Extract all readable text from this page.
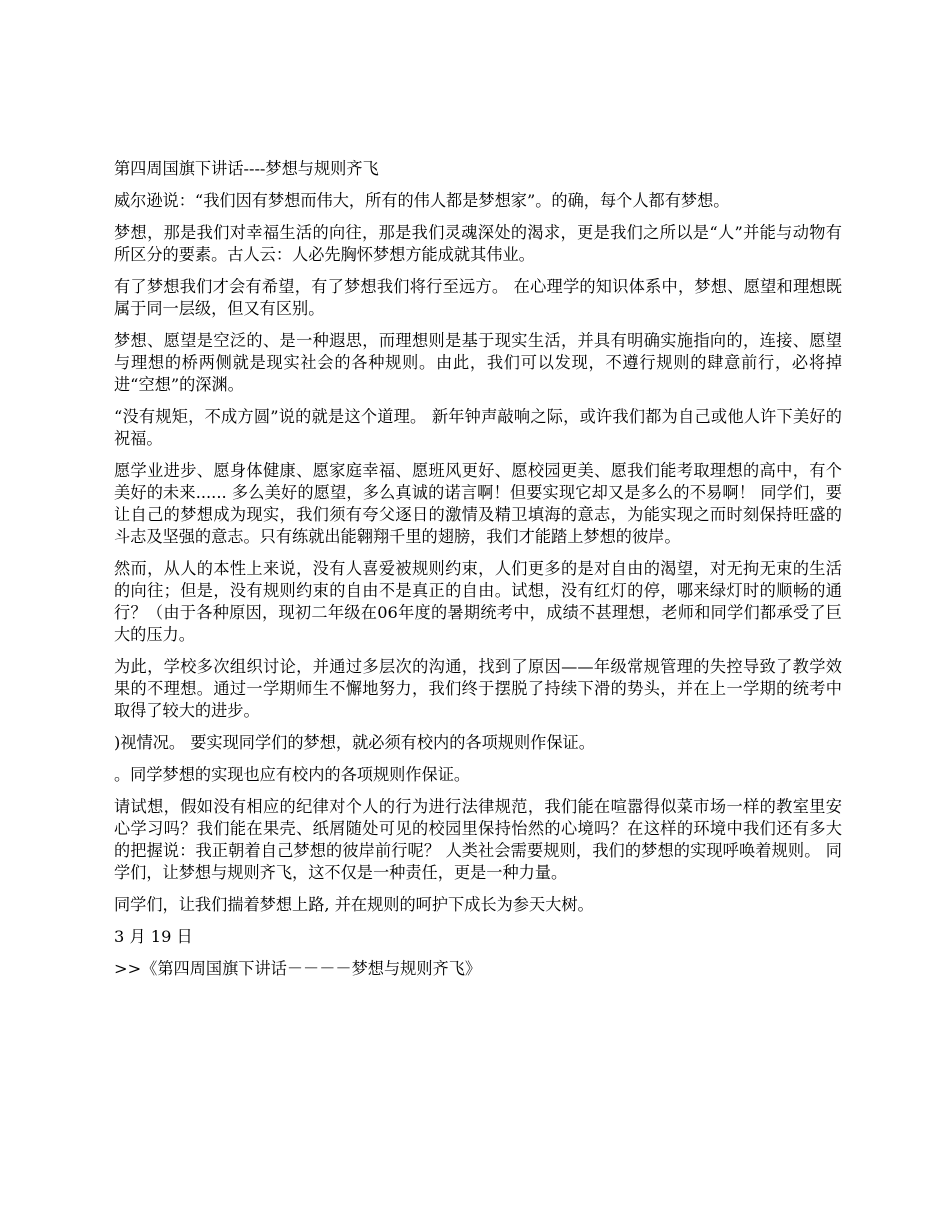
第四周国旗下讲话----梦想与规则齐飞

威尔逊说：“我们因有梦想而伟大，所有的伟人都是梦想家”。的确，每个人都有梦想。

梦想，那是我们对幸福生活的向往，那是我们灵魂深处的渴求，更是我们之所以是“人”并能与动物有所区分的要素。古人云：人必先胸怀梦想方能成就其伟业。

有了梦想我们才会有希望，有了梦想我们将行至远方。 在心理学的知识体系中，梦想、愿望和理想既属于同一层级，但又有区别。

梦想、愿望是空泛的、是一种遐思，而理想则是基于现实生活，并具有明确实施指向的，连接、愿望与理想的桥两侧就是现实社会的各种规则。由此，我们可以发现，不遵行规则的肆意前行，必将掉进“空想”的深渊。

“没有规矩，不成方圆”说的就是这个道理。 新年钟声敲响之际，或许我们都为自己或他人许下美好的祝福。

愿学业进步、愿身体健康、愿家庭幸福、愿班风更好、愿校园更美、愿我们能考取理想的高中，有个美好的未来...... 多么美好的愿望，多么真诚的诺言啊！但要实现它却又是多么的不易啊！ 同学们，要让自己的梦想成为现实，我们须有夸父逐日的激情及精卫填海的意志，为能实现之而时刻保持旺盛的斗志及坚强的意志。只有练就出能翱翔千里的翅膀，我们才能踏上梦想的彼岸。

然而，从人的本性上来说，没有人喜爱被规则约束，人们更多的是对自由的渴望，对无拘无束的生活的向往；但是，没有规则约束的自由不是真正的自由。试想，没有红灯的停，哪来绿灯时的顺畅的通行？（由于各种原因，现初二年级在06年度的暑期统考中，成绩不甚理想，老师和同学们都承受了巨大的压力。

为此，学校多次组织讨论，并通过多层次的沟通，找到了原因——年级常规管理的失控导致了教学效果的不理想。通过一学期师生不懈地努力，我们终于摆脱了持续下滑的势头，并在上一学期的统考中取得了较大的进步。

)视情况。 要实现同学们的梦想，就必须有校内的各项规则作保证。

。同学梦想的实现也应有校内的各项规则作保证。

请试想，假如没有相应的纪律对个人的行为进行法律规范，我们能在喧嚣得似菜市场一样的教室里安心学习吗？我们能在果壳、纸屑随处可见的校园里保持怡然的心境吗？在这样的环境中我们还有多大的把握说：我正朝着自己梦想的彼岸前行呢？ 人类社会需要规则，我们的梦想的实现呼唤着规则。 同学们，让梦想与规则齐飞，这不仅是一种责任，更是一种力量。

同学们，让我们揣着梦想上路, 并在规则的呵护下成长为参天大树。

3 月 19 日

>>《第四周国旗下讲话－－－－梦想与规则齐飞》
